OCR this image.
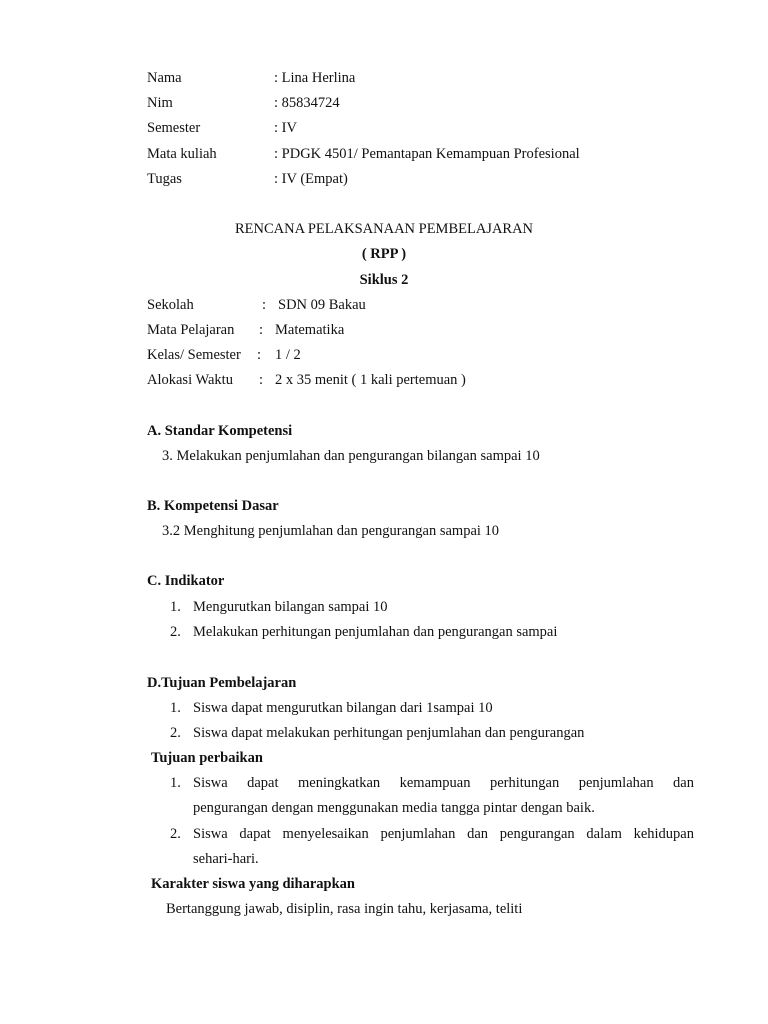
Nama	: Lina Herlina
Nim	: 85834724
Semester	: IV
Mata kuliah	: PDGK 4501/ Pemantapan Kemampuan Profesional
Tugas	: IV (Empat)
RENCANA PELAKSANAAN PEMBELAJARAN
( RPP )
Siklus 2
Sekolah	: SDN 09 Bakau
Mata Pelajaran : Matematika
Kelas/ Semester : 1 / 2
Alokasi Waktu : 2 x 35 menit ( 1 kali pertemuan )
A. Standar Kompetensi
3. Melakukan penjumlahan dan pengurangan bilangan sampai 10
B. Kompetensi Dasar
3.2 Menghitung penjumlahan dan pengurangan sampai 10
C. Indikator
1. Mengurutkan bilangan sampai 10
2. Melakukan perhitungan penjumlahan dan pengurangan sampai
D.Tujuan Pembelajaran
1. Siswa dapat mengurutkan bilangan dari 1sampai 10
2. Siswa dapat melakukan perhitungan penjumlahan dan pengurangan
Tujuan perbaikan
1. Siswa dapat meningkatkan kemampuan perhitungan penjumlahan dan
pengurangan dengan menggunakan media tangga pintar dengan baik.
2. Siswa dapat menyelesaikan penjumlahan dan pengurangan dalam kehidupan
sehari-hari.
Karakter siswa yang diharapkan
Bertanggung jawab, disiplin, rasa ingin tahu, kerjasama, teliti
